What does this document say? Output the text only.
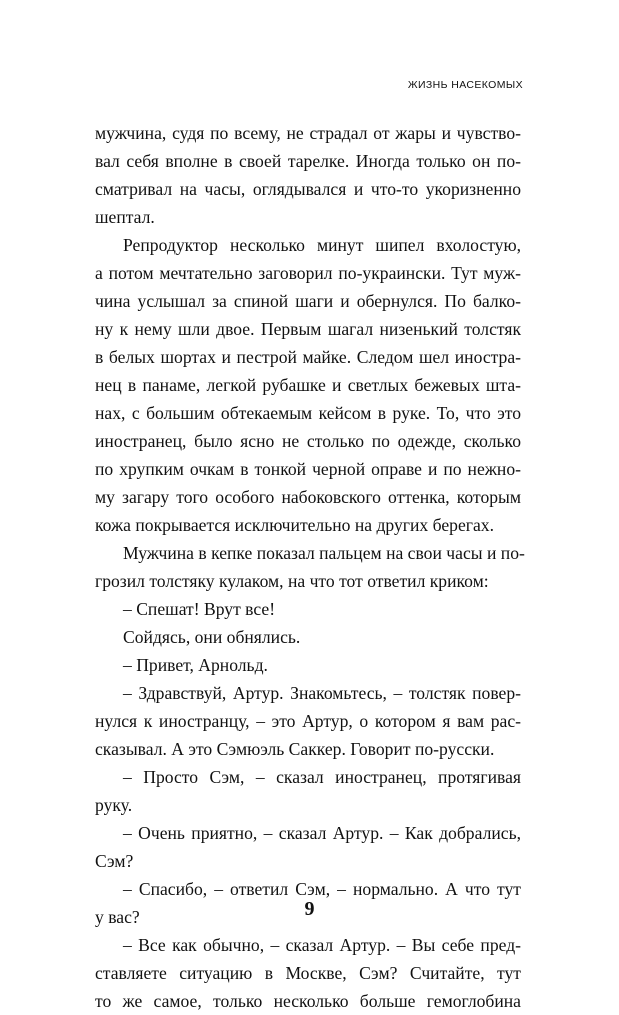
ЖИЗНЬ НАСЕКОМЫХ
мужчина, судя по всему, не страдал от жары и чувство-
вал себя вполне в своей тарелке. Иногда только он по-
сматривал на часы, оглядывался и что-то укоризненно
шептал.
Репродуктор несколько минут шипел вхолостую,
а потом мечтательно заговорил по-украински. Тут муж-
чина услышал за спиной шаги и обернулся. По балко-
ну к нему шли двое. Первым шагал низенький толстяк
в белых шортах и пестрой майке. Следом шел иностра-
нец в панаме, легкой рубашке и светлых бежевых шта-
нах, с большим обтекаемым кейсом в руке. То, что это
иностранец, было ясно не столько по одежде, сколько
по хрупким очкам в тонкой черной оправе и по нежно-
му загару того особого набоковского оттенка, которым
кожа покрывается исключительно на других берегах.
Мужчина в кепке показал пальцем на свои часы и по-
грозил толстяку кулаком, на что тот ответил криком:
– Спешат! Врут все!
Сойдясь, они обнялись.
– Привет, Арнольд.
– Здравствуй, Артур. Знакомьтесь, – толстяк повер-
нулся к иностранцу, – это Артур, о котором я вам рас-
сказывал. А это Сэмюэль Саккер. Говорит по-русски.
– Просто Сэм, – сказал иностранец, протягивая
руку.
– Очень приятно, – сказал Артур. – Как добрались,
Сэм?
– Спасибо, – ответил Сэм, – нормально. А что тут
у вас?
– Все как обычно, – сказал Артур. – Вы себе пред-
ставляете ситуацию в Москве, Сэм? Считайте, тут
то же самое, только несколько больше гемоглобина
9
